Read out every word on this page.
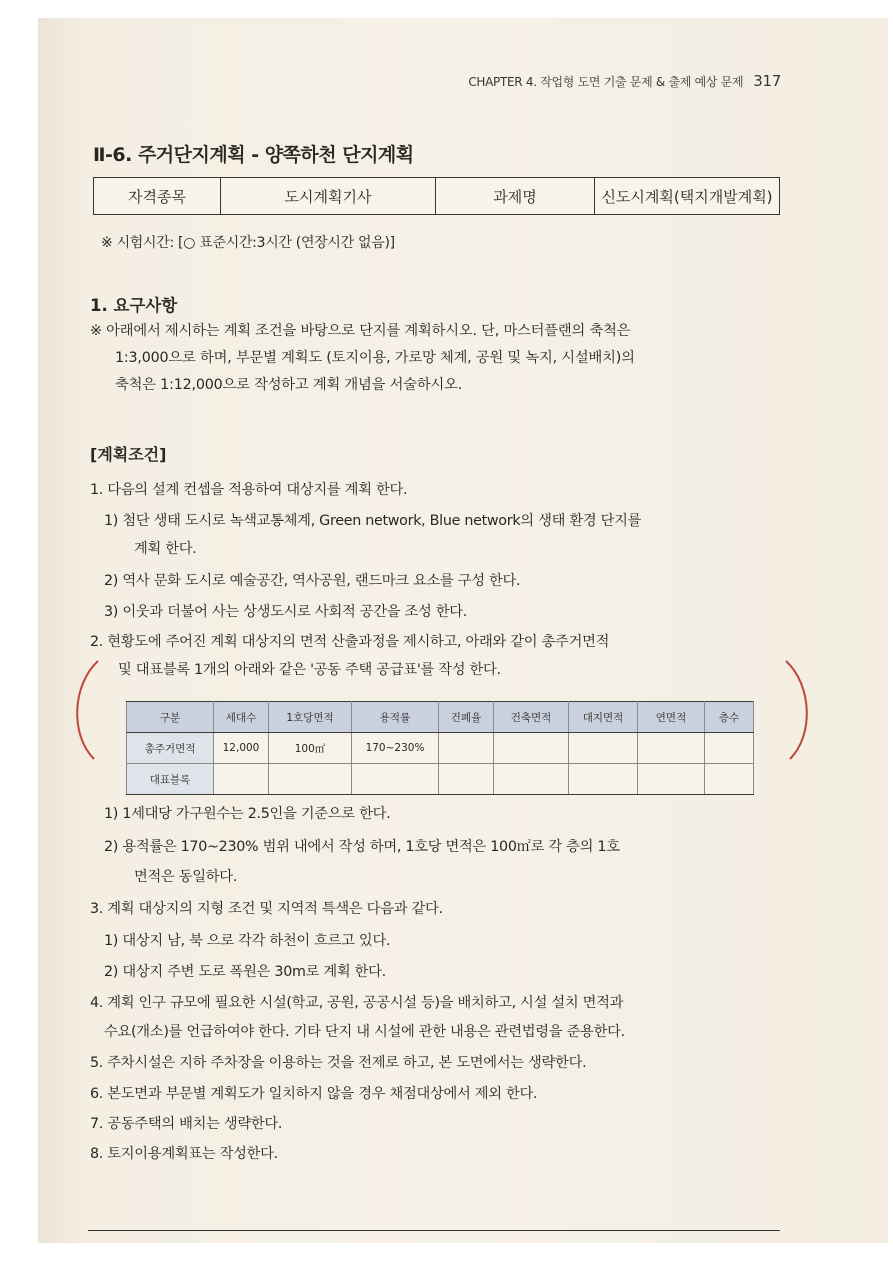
CHAPTER 4. 작업형 도면 기출 문제 & 출제 예상 문제 317
Ⅱ-6. 주거단지계획 - 양쪽하천 단지계획
자격종목	도시계획기사	과제명	신도시계획(택지개발계획)
※ 시험시간: [○ 표준시간:3시간 (연장시간 없음)]
1. 요구사항
※ 아래에서 제시하는 계획 조건을 바탕으로 단지를 계획하시오. 단, 마스터플랜의 축척은
1:3,000으로 하며, 부문별 계획도 (토지이용, 가로망 체계, 공원 및 녹지, 시설배치)의
축척은 1:12,000으로 작성하고 계획 개념을 서술하시오.
[계획조건]
1. 다음의 설계 컨셉을 적용하여 대상지를 계획 한다.
1) 첨단 생태 도시로 녹색교통체계, Green network, Blue network의 생태 환경 단지를
계획 한다.
2) 역사 문화 도시로 예술공간, 역사공원, 랜드마크 요소를 구성 한다.
3) 이웃과 더불어 사는 상생도시로 사회적 공간을 조성 한다.
2. 현황도에 주어진 계획 대상지의 면적 산출과정을 제시하고, 아래와 같이 총주거면적
및 대표블록 1개의 아래와 같은 '공동 주택 공급표'를 작성 한다.
구분	세대수	1호당면적	용적률	건폐율	건축면적	대지면적	연면적	층수
총주거면적	12,000	100㎡	170~230%					
대표블록								
1) 1세대당 가구원수는 2.5인을 기준으로 한다.
2) 용적률은 170~230% 범위 내에서 작성 하며, 1호당 면적은 100㎡로 각 층의 1호
면적은 동일하다.
3. 계획 대상지의 지형 조건 및 지역적 특색은 다음과 같다.
1) 대상지 남, 북 으로 각각 하천이 흐르고 있다.
2) 대상지 주변 도로 폭원은 30m로 계획 한다.
4. 계획 인구 규모에 필요한 시설(학교, 공원, 공공시설 등)을 배치하고, 시설 설치 면적과
수요(개소)를 언급하여야 한다. 기타 단지 내 시설에 관한 내용은 관련법령을 준용한다.
5. 주차시설은 지하 주차장을 이용하는 것을 전제로 하고, 본 도면에서는 생략한다.
6. 본도면과 부문별 계획도가 일치하지 않을 경우 채점대상에서 제외 한다.
7. 공동주택의 배치는 생략한다.
8. 토지이용계획표는 작성한다.
